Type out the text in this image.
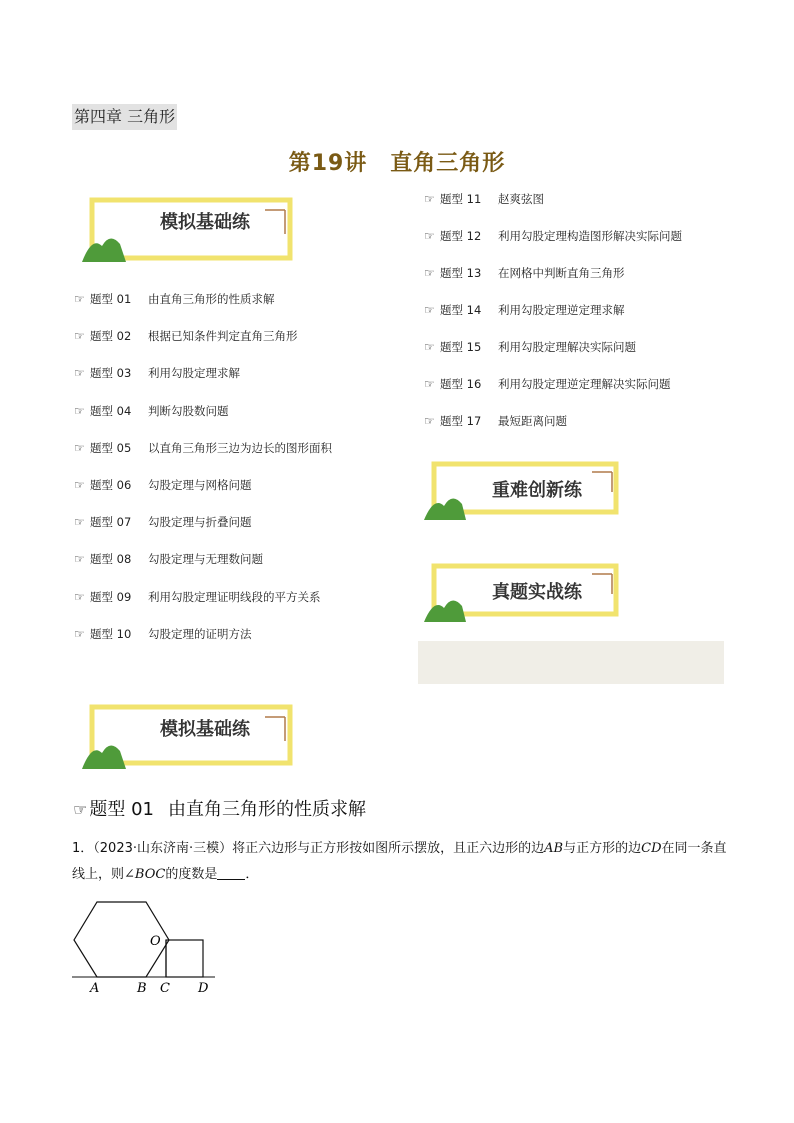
第四章 三角形
第19讲　直角三角形
模拟基础练
☞ 题型 01 由直角三角形的性质求解
☞ 题型 02 根据已知条件判定直角三角形
☞ 题型 03 利用勾股定理求解
☞ 题型 04 判断勾股数问题
☞ 题型 05 以直角三角形三边为边长的图形面积
☞ 题型 06 勾股定理与网格问题
☞ 题型 07 勾股定理与折叠问题
☞ 题型 08 勾股定理与无理数问题
☞ 题型 09 利用勾股定理证明线段的平方关系
☞ 题型 10 勾股定理的证明方法
☞ 题型 11 赵爽弦图
☞ 题型 12 利用勾股定理构造图形解决实际问题
☞ 题型 13 在网格中判断直角三角形
☞ 题型 14 利用勾股定理逆定理求解
☞ 题型 15 利用勾股定理解决实际问题
☞ 题型 16 利用勾股定理逆定理解决实际问题
☞ 题型 17 最短距离问题
重难创新练
真题实战练
模拟基础练
☞ 题型 01 由直角三角形的性质求解
1．（2023·山东济南·三模）将正六边形与正方形按如图所示摆放，且正六边形的边AB与正方形的边CD在同一条直线上，则∠BOC的度数是 ．
A	B C D
O
